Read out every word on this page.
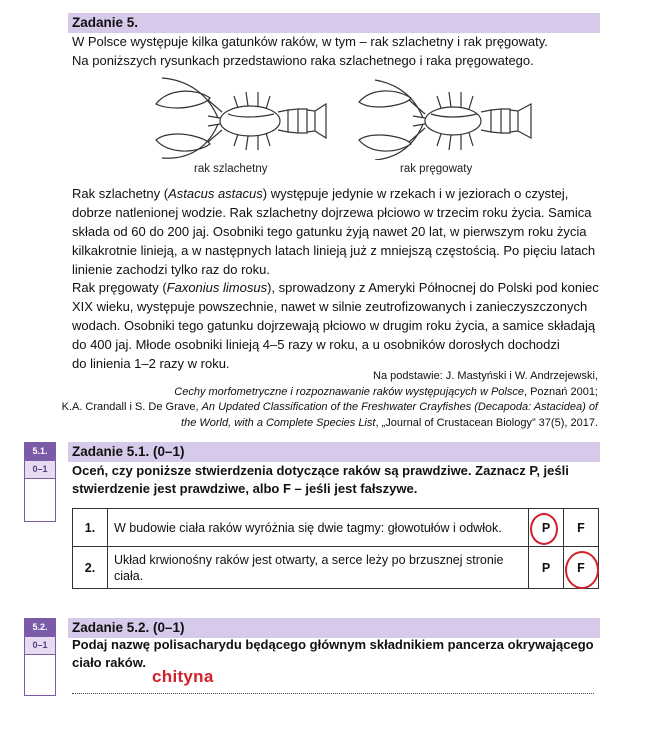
Zadanie 5.

W Polsce występuje kilka gatunków raków, w tym – rak szlachetny i rak pręgowaty.
Na poniższych rysunkach przedstawiono raka szlachetnego i raka pręgowatego.

rak szlachetny	rak pręgowaty

Rak szlachetny (Astacus astacus) występuje jedynie w rzekach i w jeziorach o czystej,
dobrze natlenionej wodzie. Rak szlachetny dojrzewa płciowo w trzecim roku życia. Samica
składa od 60 do 200 jaj. Osobniki tego gatunku żyją nawet 20 lat, w pierwszym roku życia
kilkakrotnie linieją, a w następnych latach linieją już z mniejszą częstością. Po pięciu latach
linienie zachodzi tylko raz do roku.

Rak pręgowaty (Faxonius limosus), sprowadzony z Ameryki Północnej do Polski pod koniec
XIX wieku, występuje powszechnie, nawet w silnie zeutrofizowanych i zanieczyszczonych
wodach. Osobniki tego gatunku dojrzewają płciowo w drugim roku życia, a samice składają
do 400 jaj. Młode osobniki linieją 4–5 razy w roku, a u osobników dorosłych dochodzi
do linienia 1–2 razy w roku.

Na podstawie: J. Mastyński i W. Andrzejewski,
Cechy morfometryczne i rozpoznawanie raków występujących w Polsce, Poznań 2001;
K.A. Crandall i S. De Grave, An Updated Classification of the Freshwater Crayfishes (Decapoda: Astacidea) of
the World, with a Complete Species List, „Journal of Crustacean Biology” 37(5), 2017.
5.1.
0–1
Zadanie 5.1. (0–1)

Oceń, czy poniższe stwierdzenia dotyczące raków są prawdziwe. Zaznacz P, jeśli
stwierdzenie jest prawdziwe, albo F – jeśli jest fałszywe.

1.	W budowie ciała raków wyróżnia się dwie tagmy: głowotułów i odwłok.	P	F
2.	Układ krwionośny raków jest otwarty, a serce leży po brzusznej stronie
ciała.	P	F
5.2.
0–1
Zadanie 5.2. (0–1)

Podaj nazwę polisacharydu będącego głównym składnikiem pancerza okrywającego
ciało raków.

chityna
